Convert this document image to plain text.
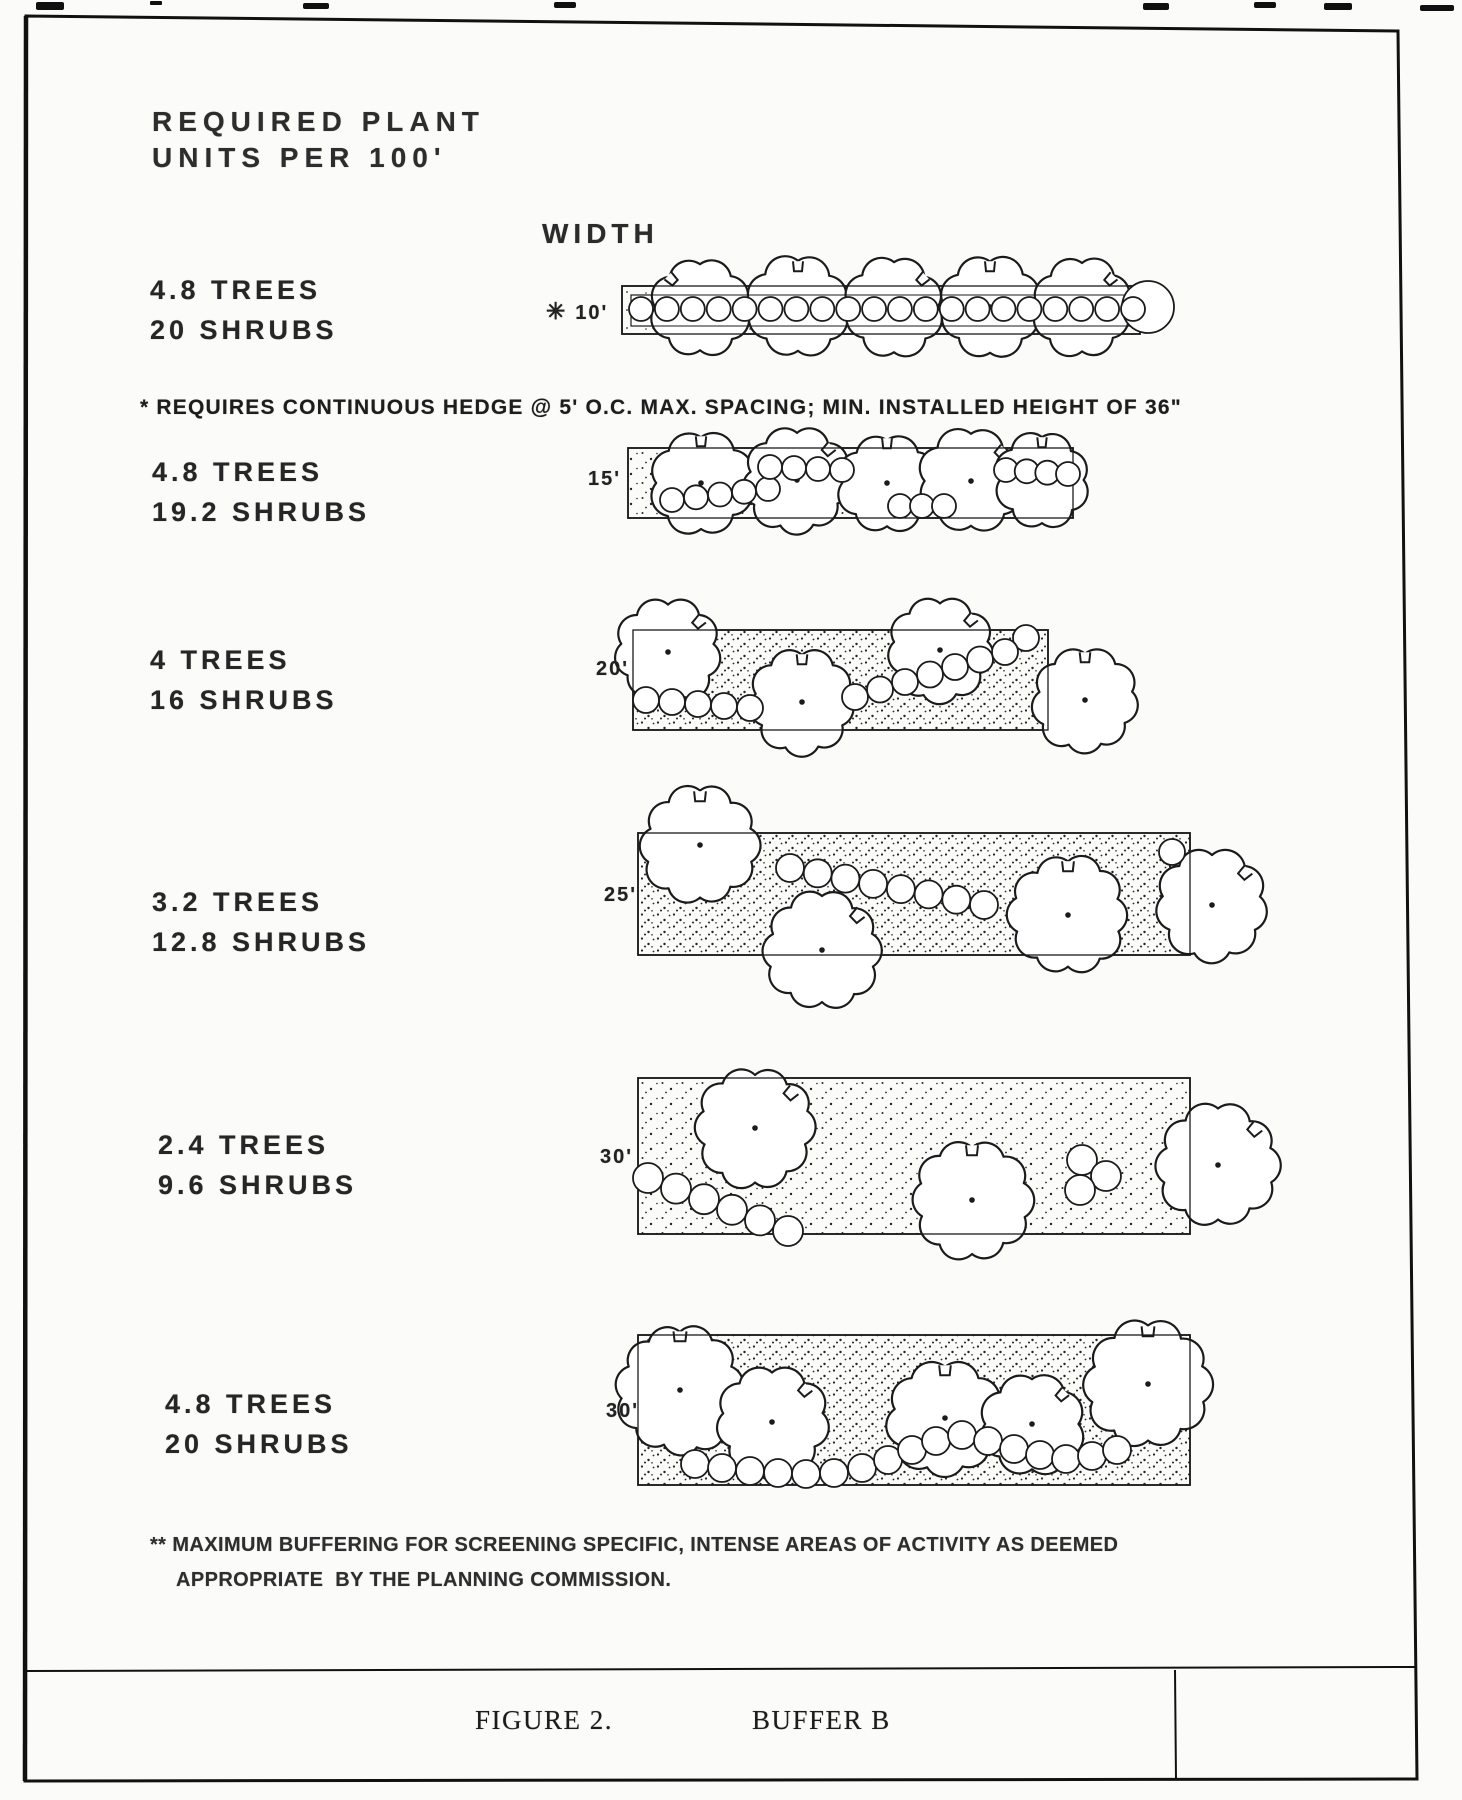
REQUIRED PLANT
UNITS PER 100'
WIDTH
4.8 TREES
20 SHRUBS
✳ 10'
* REQUIRES CONTINUOUS HEDGE @ 5' O.C. MAX. SPACING; MIN. INSTALLED HEIGHT OF 36"
4.8 TREES
19.2 SHRUBS
15'
4 TREES
16 SHRUBS
20'
3.2 TREES
12.8 SHRUBS
25'
2.4 TREES
9.6 SHRUBS
30'
4.8 TREES
20 SHRUBS
30'
** MAXIMUM BUFFERING FOR SCREENING SPECIFIC, INTENSE AREAS OF ACTIVITY AS DEEMED
APPROPRIATE  BY THE PLANNING COMMISSION.
FIGURE 2.	BUFFER B
